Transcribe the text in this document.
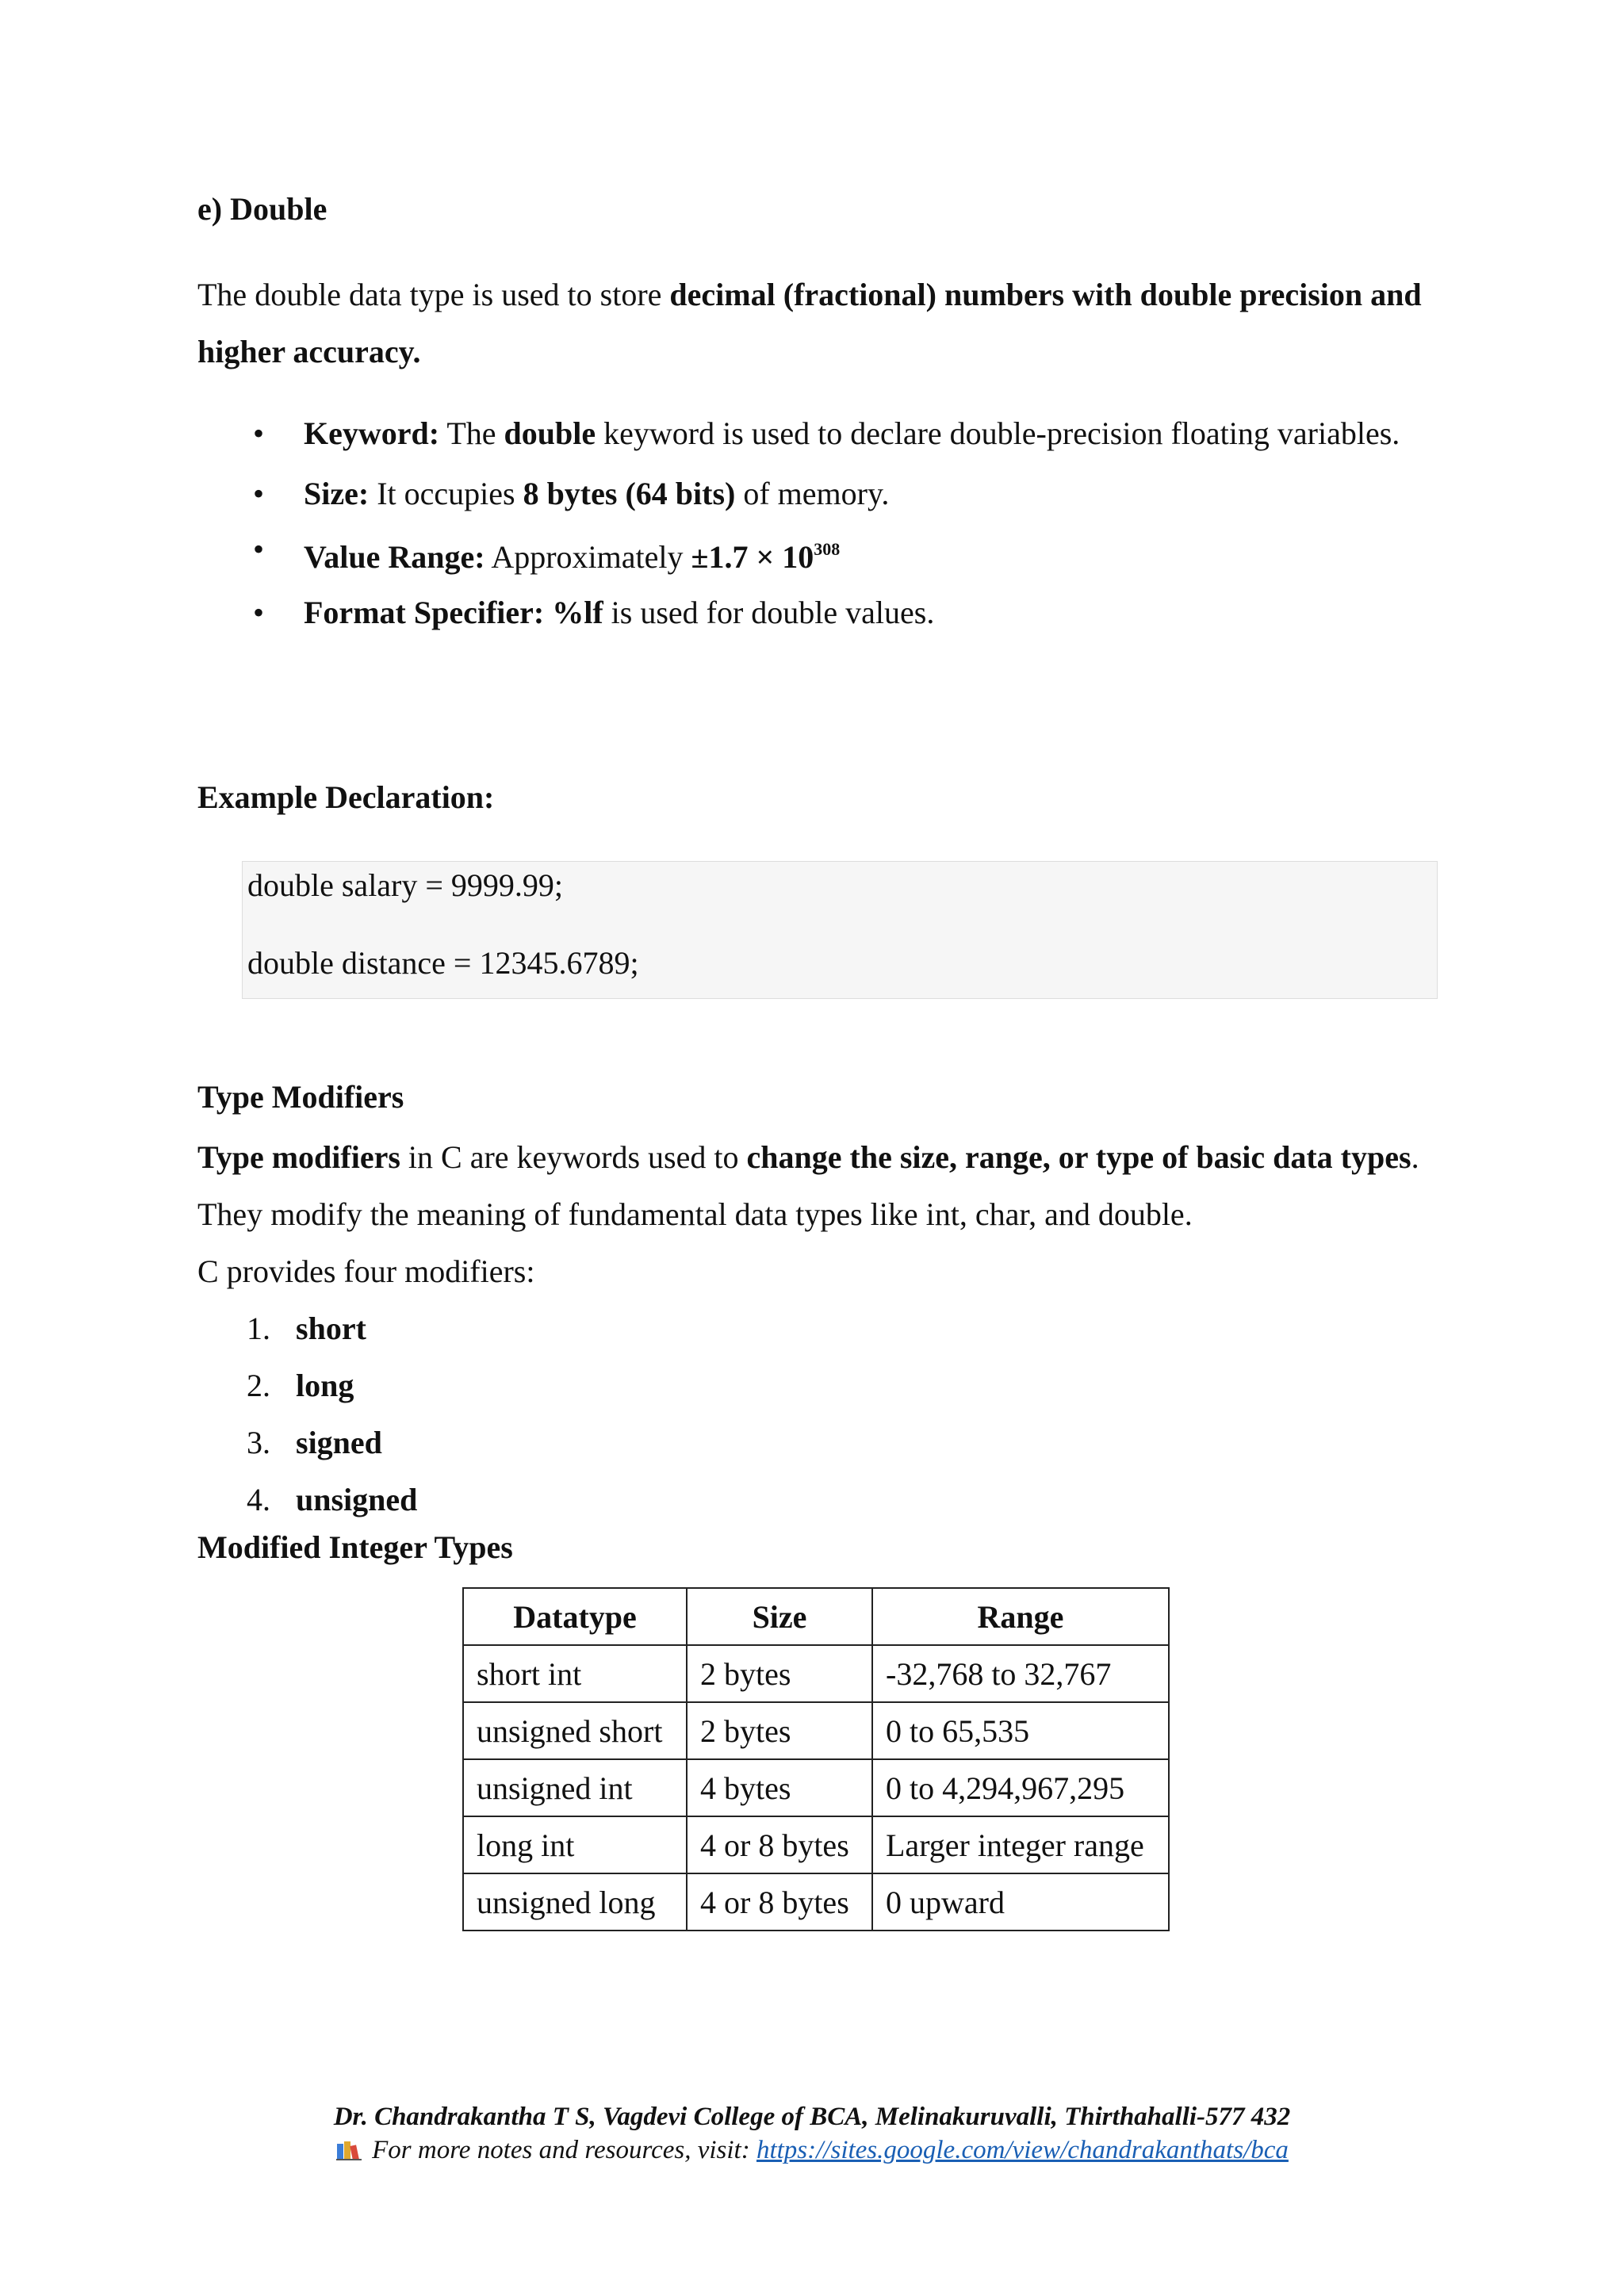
e) Double
The double data type is used to store decimal (fractional) numbers with double precision and higher accuracy.
• Keyword: The double keyword is used to declare double-precision floating variables.
• Size: It occupies 8 bytes (64 bits) of memory.
• Value Range: Approximately $\pm 1.7 \times 10^{308}$
• Format Specifier: %lf is used for double values.
Example Declaration:
double salary = 9999.99;
double distance = 12345.6789;
Type Modifiers
Type modifiers in C are keywords used to change the size, range, or type of basic data types.
They modify the meaning of fundamental data types like int, char, and double.
C provides four modifiers:
1. short
2. long
3. signed
4. unsigned
Modified Integer Types
Datatype	Size	Range
short int	2 bytes	-32,768 to 32,767
unsigned short	2 bytes	0 to 65,535
unsigned int	4 bytes	0 to 4,294,967,295
long int	4 or 8 bytes	Larger integer range
unsigned long	4 or 8 bytes	0 upward
Dr. Chandrakantha T S, Vagdevi College of BCA, Melinakuruvalli, Thirthahalli-577 432
For more notes and resources, visit: https://sites.google.com/view/chandrakanthats/bca
